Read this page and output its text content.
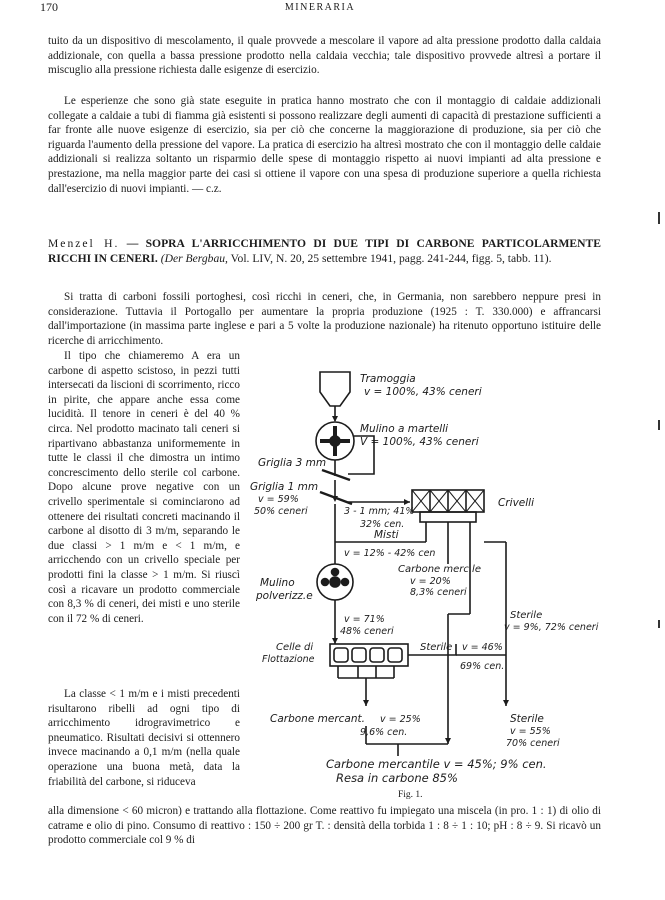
170	MINERARIA

tuito da un dispositivo di mescolamento, il quale provvede a mescolare il vapore ad alta pressione prodotto dalla caldaia addizionale, con quella a bassa pressione prodotto nella caldaia vecchia; tale dispositivo provvede altresì a portare il miscuglio alla pressione richiesta dalle esigenze di esercizio.

Le esperienze che sono già state eseguite in pratica hanno mostrato che con il montaggio di caldaie addizionali collegate a caldaie a tubi di fiamma già esistenti si possono realizzare degli aumenti di capacità di prestazione sufficienti a far fronte alle nuove esigenze di esercizio, sia per ciò che concerne la maggiorazione di produzione, sia per ciò che riguarda l'aumento della pressione del vapore. La pratica di esercizio ha altresì mostrato che con il montaggio delle caldaie addizionali si realizza soltanto un risparmio delle spese di montaggio rispetto ai nuovi impianti ad alta pressione e prestazione, ma nella maggior parte dei casi si ottiene il vapore con una spesa di produzione superiore a quella richiesta dall'esercizio di nuovi impianti. — c.z.

Menzel H. — SOPRA L'ARRICCHIMENTO DI DUE TIPI DI CARBONE PARTICOLARMENTE RICCHI IN CENERI. (Der Bergbau, Vol. LIV, N. 20, 25 settembre 1941, pagg. 241-244, figg. 5, tabb. 11).

Si tratta di carboni fossili portoghesi, così ricchi in ceneri, che, in Germania, non sarebbero neppure presi in considerazione. Tuttavia il Portogallo per aumentare la propria produzione (1925 : T. 330.000) e affrancarsi dall'importazione (in massima parte inglese e pari a 5 volte la produzione nazionale) ha ritenuto opportuno istituire delle ricerche di arricchimento.

Il tipo che chiameremo A era un carbone di aspetto scistoso, in pezzi tutti intersecati da liscioni di scorrimento, ricco in pirite, che appare anche essa come lucidità. Il tenore in ceneri è del 40 % circa. Nel prodotto macinato tali ceneri si ripartivano abbastanza uniformemente in tutte le classi il che dimostra un intimo concrescimento dello sterile col carbone. Dopo alcune prove negative con un crivello sperimentale si cominciarono ad ottenere dei risultati concreti macinando il carbone al disotto di 3 m/m, separando le due classi > 1 m/m e < 1 m/m, e arricchendo con un crivello speciale per prodotti fini la classe > 1 m/m. Si riuscì così a ricavare un prodotto commerciale con 8,3 % di ceneri, dei misti e uno sterile con il 72 % di ceneri.

La classe < 1 m/m e i misti precedenti risultarono ribelli ad ogni tipo di arricchimento idrogravimetrico e pneumatico. Risultati decisivi si ottennero invece macinando a 0,1 m/m (nella quale operazione una buona metà, data la friabilità del carbone, si riduceva

alla dimensione < 60 micron) e trattando alla flottazione. Come reattivo fu impiegato una miscela (in pro. 1 : 1) di olio di catrame e olio di pino. Consumo di reattivo : 150 ÷ 200 gr T. : densità della torbida 1 : 8 ÷ 1 : 10; pH : 8 ÷ 9. Si ricavò un prodotto commerciale col 9 % di

Tramoggia
v = 100%, 43% ceneri
Mulino a martelli
V = 100%, 43% ceneri
Griglia 3 mm
Griglia 1 mm
v = 59%
50% ceneri	3 - 1 mm; 41%
32% cen.
Crivelli
Misti
v = 12% - 42% cen
Carbone merc.le
v = 20%
8,3% ceneri
Mulino
polverizz.e
v = 71%
48% ceneri
Sterile
v = 9%, 72% ceneri
Celle di
Flottazione
Sterile v = 46%
69% cen.
Carbone mercant. v = 25%
9,6% cen.
Sterile
v = 55%
70% ceneri
Carbone mercantile v = 45%; 9% cen.
Resa in carbone 85%
Fig. 1.
